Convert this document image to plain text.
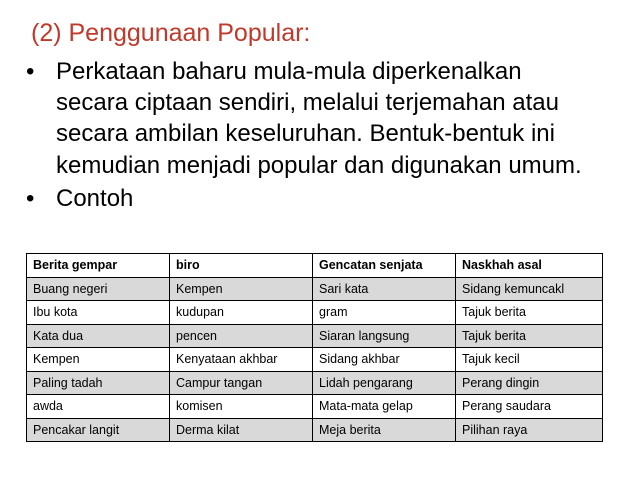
(2) Penggunaan Popular:
• Perkataan baharu mula-mula diperkenalkan secara ciptaan sendiri, melalui terjemahan atau secara ambilan keseluruhan. Bentuk-bentuk ini kemudian menjadi popular dan digunakan umum.
• Contoh
Berita gempar	biro	Gencatan senjata	Naskhah asal
Buang negeri	Kempen	Sari kata	Sidang kemuncakl
Ibu kota	kudupan	gram	Tajuk berita
Kata dua	pencen	Siaran langsung	Tajuk berita
Kempen	Kenyataan akhbar	Sidang akhbar	Tajuk kecil
Paling tadah	Campur tangan	Lidah pengarang	Perang dingin
awda	komisen	Mata-mata gelap	Perang saudara
Pencakar langit	Derma kilat	Meja berita	Pilihan raya
